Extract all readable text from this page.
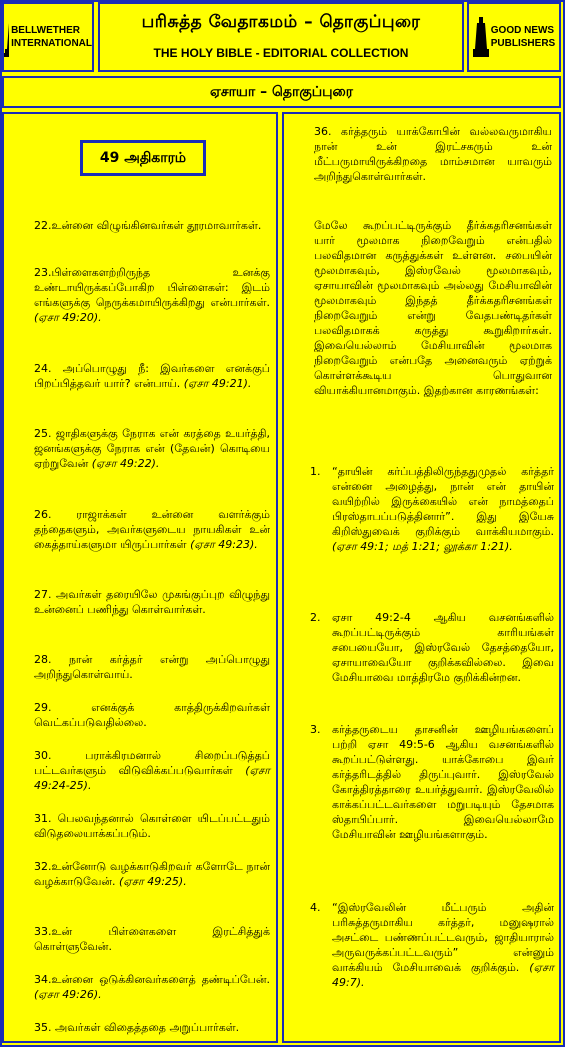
BELLWETHER
INTERNATIONAL
பரிசுத்த வேதாகமம் – தொகுப்புரை
THE HOLY BIBLE - EDITORIAL COLLECTION
GOOD NEWS
PUBLISHERS
ஏசாயா – தொகுப்புரை
49 அதிகாரம்
22.உன்னை விழுங்கினவர்கள் தூரமாவார்கள்.
23.பிள்ளைகளற்றிருந்த உனக்கு உண்டாயிருக்கப்போகிற பிள்ளைகள்: இடம் எங்களுக்கு நெருக்கமாயிருக்கிறது என்பார்கள். (ஏசா 49:20).
24. அப்பொழுது நீ: இவர்களை எனக்குப் பிறப்பித்தவர் யார்? என்பாய். (ஏசா 49:21).
25. ஜாதிகளுக்கு நேராக என் கரத்தை உயர்த்தி, ஜனங்களுக்கு நேராக என் (தேவன்) கொடியை ஏற்றுவேன் (ஏசா 49:22).
26. ராஜாக்கள் உன்னை வளர்க்கும் தந்தைகளும், அவர்களுடைய நாயகிகள் உன் கைத்தாய்களுமா யிருப்பார்கள் (ஏசா 49:23).
27. அவர்கள் தரையிலே முகங்குப்புற விழுந்து உன்னைப் பணிந்து கொள்வார்கள்.
28. நான் கர்த்தர் என்று அப்பொழுது அறிந்துகொள்வாய்.
29. எனக்குக் காத்திருக்கிறவர்கள் வெட்கப்படுவதில்லை.
30. பராக்கிரமனால் சிறைப்படுத்தப் பட்டவர்களும் விடுவிக்கப்படுவார்கள் (ஏசா 49:24-25).
31. பெலவந்தனால் கொள்ளை யிடப்பட்டதும் விடுதலையாக்கப்படும்.
32.உன்னோடு வழக்காடுகிறவர் களோடே நான் வழக்காடுவேன். (ஏசா 49:25).
33.உன் பிள்ளைகளை இரட்சித்துக் கொள்ளுவேன்.
34.உன்னை ஒடுக்கினவர்களைத் தண்டிப்பேன். (ஏசா 49:26).
35. அவர்கள் விதைத்ததை அறுப்பார்கள்.
36. கர்த்தரும் யாக்கோபின் வல்லவருமாகிய நான் உன் இரட்சகரும் உன் மீட்பருமாயிருக்கிறதை மாம்சமான யாவரும் அறிந்துகொள்வார்கள்.
மேலே கூறப்பட்டிருக்கும் தீர்க்கதரிசனங்கள் யார் மூலமாக நிறைவேறும் என்பதில் பலவிதமான கருத்துக்கள் உள்ளன. சபையின் மூலமாகவும், இஸ்ரவேல் மூலமாகவும், ஏசாயாவின் மூலமாகவும் அல்லது மேசியாவின் மூலமாகவும் இந்தத் தீர்க்கதரிசனங்கள் நிறைவேறும் என்று வேதபண்டிதர்கள் பலவிதமாகக் கருத்து கூறுகிறார்கள். இவையெல்லாம் மேசியாவின் மூலமாக நிறைவேறும் என்பதே அனைவரும் ஏற்றுக் கொள்ளக்கூடிய பொதுவான வியாக்கியானமாகும். இதற்கான காரணங்கள்:
1. “தாயின் கர்ப்பத்திலிருந்ததுமுதல் கர்த்தர் என்னை அழைத்து, நான் என் தாயின் வயிற்றில் இருக்கையில் என் நாமத்தைப் பிரஸ்தாபப்படுத்தினார்”. இது இயேசு கிறிஸ்துவைக் குறிக்கும் வாக்கியமாகும். (ஏசா 49:1; மத் 1:21; லூக்கா 1:21).
2. ஏசா 49:2-4 ஆகிய வசனங்களில் கூறப்பட்டிருக்கும் காரியங்கள் சபையையோ, இஸ்ரவேல் தேசத்தையோ, ஏசாயாவையோ குறிக்கவில்லை. இவை மேசியாவை மாத்திரமே குறிக்கின்றன.
3. கர்த்தருடைய தாசனின் ஊழியங்களைப் பற்றி ஏசா 49:5-6 ஆகிய வசனங்களில் கூறப்பட்டுள்ளது. யாக்கோபை இவர் கர்த்தரிடத்தில் திருப்புவார். இஸ்ரவேல் கோத்திரத்தாரை உயர்த்துவார். இஸ்ரவேலில் காக்கப்பட்டவர்களை மறுபடியும் தேசமாக ஸ்தாபிப்பார். இவையெல்லாமே மேசியாவின் ஊழியங்களாகும்.
4. “இஸ்ரவேலின் மீட்பரும் அதின் பரிசுத்தருமாகிய கர்த்தர், மனுஷரால் அசட்டை பண்ணப்பட்டவரும், ஜாதியாரால் அருவருக்கப்பட்டவரும்” என்னும் வாக்கியம் மேசியாவைக் குறிக்கும். (ஏசா 49:7).
